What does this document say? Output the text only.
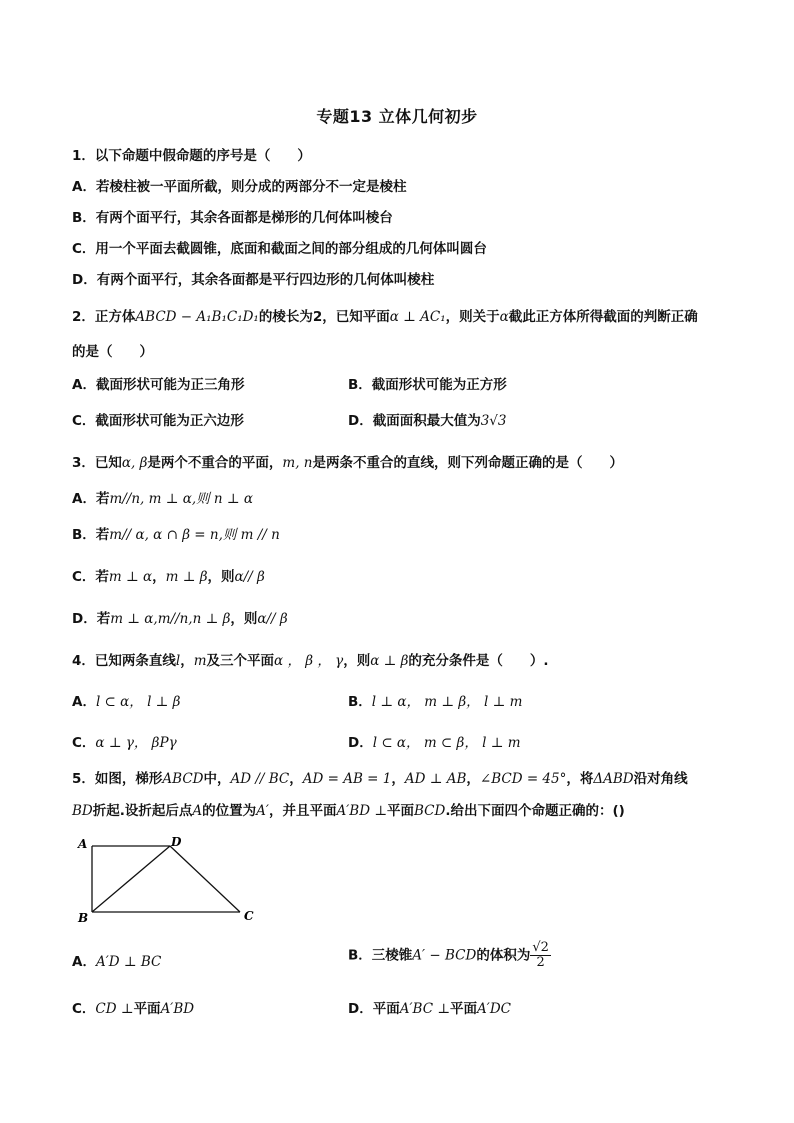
专题13 立体几何初步
1．以下命题中假命题的序号是（　　）
A．若棱柱被一平面所截，则分成的两部分不一定是棱柱
B．有两个面平行，其余各面都是梯形的几何体叫棱台
C．用一个平面去截圆锥，底面和截面之间的部分组成的几何体叫圆台
D．有两个面平行，其余各面都是平行四边形的几何体叫棱柱
2．正方体ABCD − A₁B₁C₁D₁的棱长为2，已知平面α ⊥ AC₁，则关于α截此正方体所得截面的判断正确
的是（　　）
A．截面形状可能为正三角形	B．截面形状可能为正方形
C．截面形状可能为正六边形	D．截面面积最大值为3√3
3．已知α, β是两个不重合的平面，m, n是两条不重合的直线，则下列命题正确的是（　　）
A．若m//n, m ⊥ α,则 n ⊥ α
B．若m// α, α ∩ β = n,则 m // n
C．若m ⊥ α，m ⊥ β，则α// β
D．若m ⊥ α,m//n,n ⊥ β，则α// β
4．已知两条直线l，m及三个平面α ， β ， γ，则α ⊥ β的充分条件是（　　）.
A．l ⊂ α， l ⊥ β	B．l ⊥ α， m ⊥ β， l ⊥ m
C．α ⊥ γ， βPγ	D．l ⊂ α， m ⊂ β， l ⊥ m
5．如图，梯形ABCD中，AD // BC，AD = AB = 1，AD ⊥ AB，∠BCD = 45°，将ΔABD沿对角线
BD折起.设折起后点A的位置为A′，并且平面A′BD ⊥平面BCD.给出下面四个命题正确的：()
A	D
B	C
A．A′D ⊥ BC	B．三棱锥A′ − BCD的体积为 $\frac{√2}{2}$
C．CD ⊥平面A′BD	D．平面A′BC ⊥平面A′DC
